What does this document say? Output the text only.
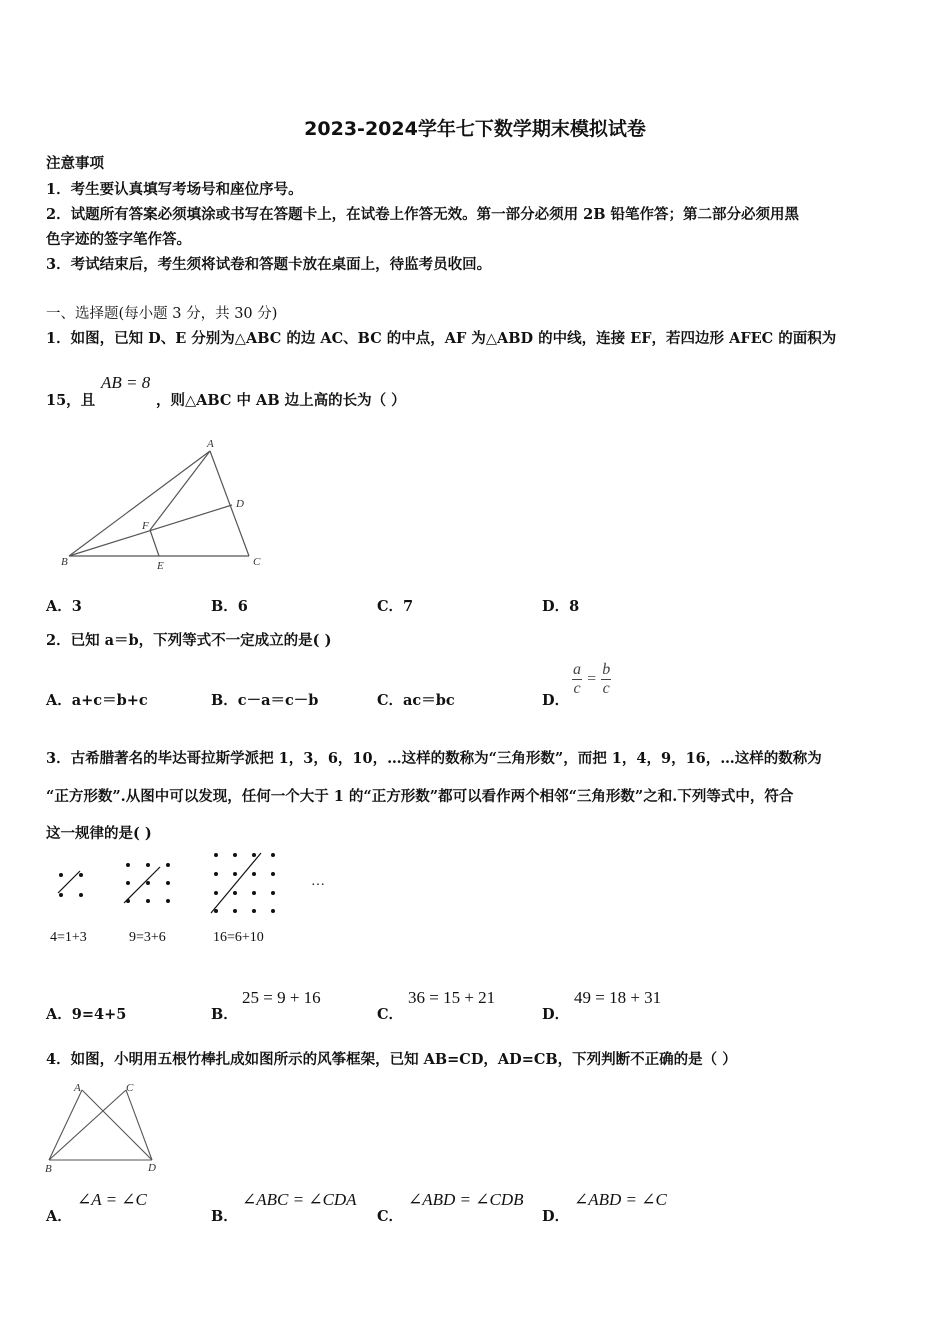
2023-2024学年七下数学期末模拟试卷
注意事项
1．考生要认真填写考场号和座位序号。
2．试题所有答案必须填涂或书写在答题卡上，在试卷上作答无效。第一部分必须用 2B 铅笔作答；第二部分必须用黑
色字迹的签字笔作答。
3．考试结束后，考生须将试卷和答题卡放在桌面上，待监考员收回。
一、选择题(每小题 3 分，共 30 分)
1．如图，已知 D、E 分别为△ABC 的边 AC、BC 的中点，AF 为△ABD 的中线，连接 EF，若四边形 AFEC 的面积为
15，且
AB = 8
，则△ABC 中 AB 边上高的长为（ ）
A
D
F
B	E	C
A．3	B．6	C．7	D．8
2．已知 a＝b，下列等式不一定成立的是( )
A．a+c＝b+c	B．c－a＝c－b	C．ac＝bc	D．
$\frac{a}{c} = \frac{b}{c}$
3．古希腊著名的毕达哥拉斯学派把 1，3，6，10，…这样的数称为“三角形数”，而把 1，4，9，16，…这样的数称为
“正方形数”.从图中可以发现，任何一个大于 1 的“正方形数”都可以看作两个相邻“三角形数”之和.下列等式中，符合
这一规律的是( )
…
4=1+3	9=3+6	16=6+10
A．9=4+5	B．
25 = 9 + 16
C．
36 = 15 + 21
D．
49 = 18 + 31
4．如图，小明用五根竹棒扎成如图所示的风筝框架，已知 AB=CD，AD=CB，下列判断不正确的是（ ）
A	C
B	D
A．
∠A = ∠C
B．
∠ABC = ∠CDA
C．
∠ABD = ∠CDB
D．
∠ABD = ∠C
